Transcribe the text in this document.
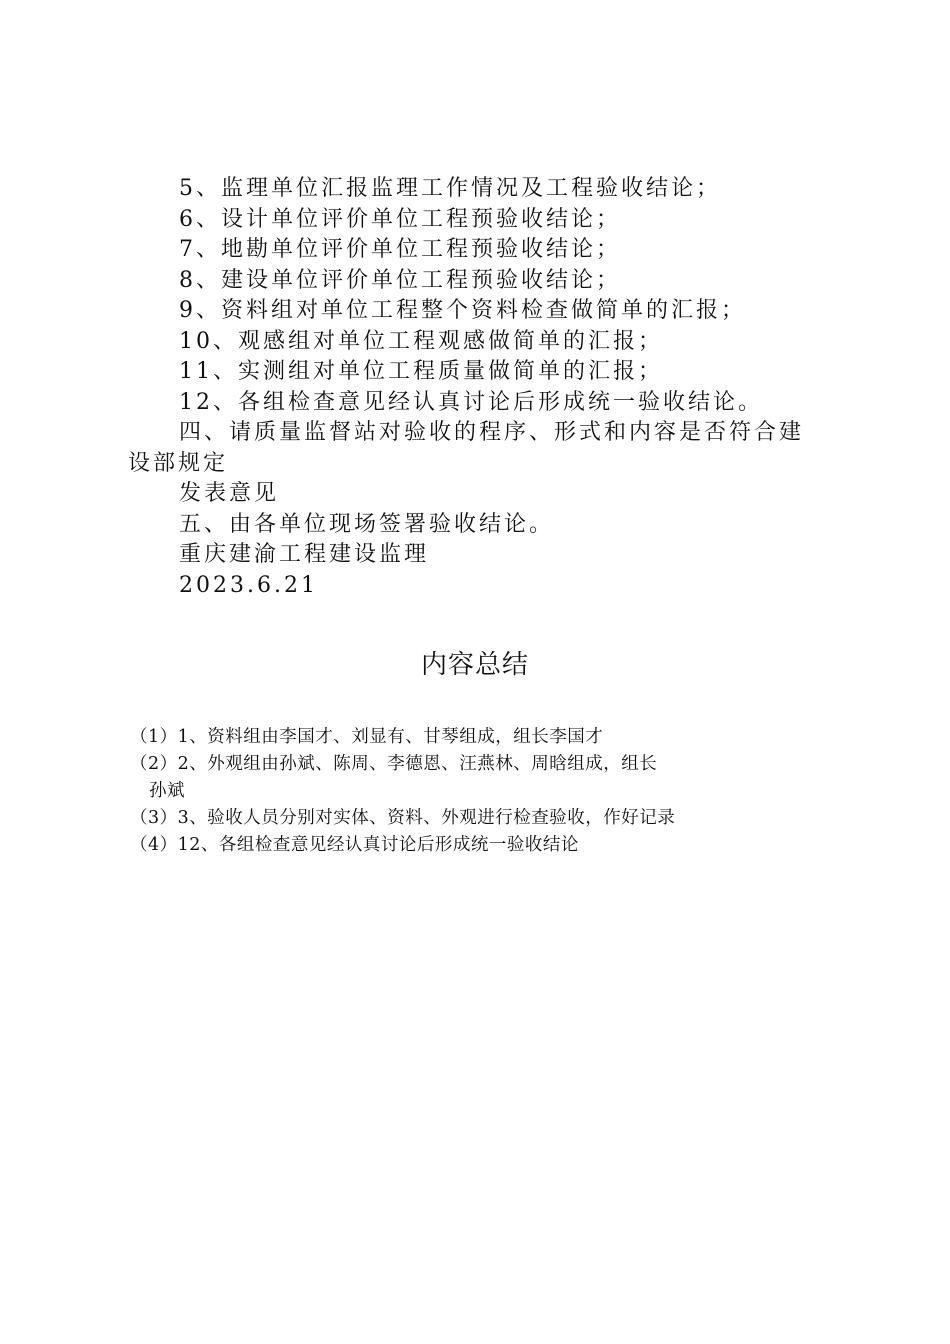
5、监理单位汇报监理工作情况及工程验收结论；
6、设计单位评价单位工程预验收结论；
7、地勘单位评价单位工程预验收结论；
8、建设单位评价单位工程预验收结论；
9、资料组对单位工程整个资料检查做简单的汇报；
10、观感组对单位工程观感做简单的汇报；
11、实测组对单位工程质量做简单的汇报；
12、各组检查意见经认真讨论后形成统一验收结论。
四、请质量监督站对验收的程序、形式和内容是否符合建
设部规定
发表意见
五、由各单位现场签署验收结论。
重庆建渝工程建设监理
2023.6.21
内容总结
（1）1、资料组由李国才、刘显有、甘琴组成，组长李国才
（2）2、外观组由孙斌、陈周、李德恩、汪燕林、周晗组成，组长
孙斌
（3）3、验收人员分别对实体、资料、外观进行检查验收，作好记录
（4）12、各组检查意见经认真讨论后形成统一验收结论
